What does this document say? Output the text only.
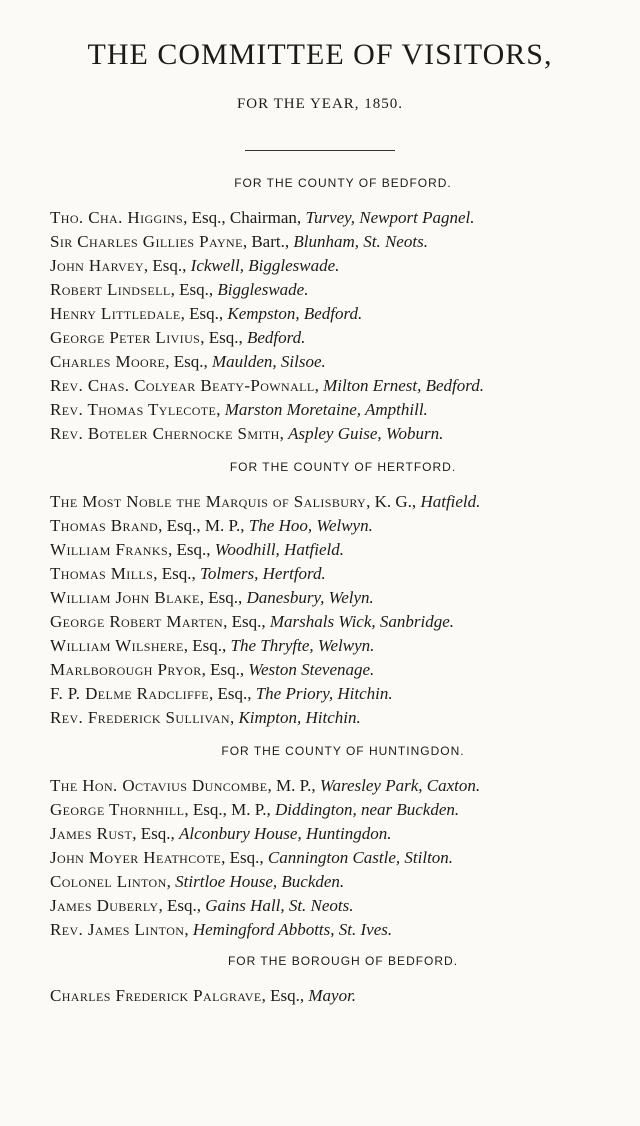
THE COMMITTEE OF VISITORS,
FOR THE YEAR, 1850.
FOR THE COUNTY OF BEDFORD.
Tho. Cha. Higgins, Esq., Chairman, Turvey, Newport Pagnel.
Sir Charles Gillies Payne, Bart., Blunham, St. Neots.
John Harvey, Esq., Ickwell, Biggleswade.
Robert Lindsell, Esq., Biggleswade.
Henry Littledale, Esq., Kempston, Bedford.
George Peter Livius, Esq., Bedford.
Charles Moore, Esq., Maulden, Silsoe.
Rev. Chas. Colyear Beaty-Pownall, Milton Ernest, Bedford.
Rev. Thomas Tylecote, Marston Moretaine, Ampthill.
Rev. Boteler Chernocke Smith, Aspley Guise, Woburn.
FOR THE COUNTY OF HERTFORD.
The Most Noble the Marquis of Salisbury, K. G., Hatfield.
Thomas Brand, Esq., M. P., The Hoo, Welwyn.
William Franks, Esq., Woodhill, Hatfield.
Thomas Mills, Esq., Tolmers, Hertford.
William John Blake, Esq., Danesbury, Welyn.
George Robert Marten, Esq., Marshals Wick, Sanbridge.
William Wilshere, Esq., The Thryfte, Welwyn.
Marlborough Pryor, Esq., Weston Stevenage.
F. P. Delme Radcliffe, Esq., The Priory, Hitchin.
Rev. Frederick Sullivan, Kimpton, Hitchin.
FOR THE COUNTY OF HUNTINGDON.
The Hon. Octavius Duncombe, M. P., Waresley Park, Caxton.
George Thornhill, Esq., M. P., Diddington, near Buckden.
James Rust, Esq., Alconbury House, Huntingdon.
John Moyer Heathcote, Esq., Cannington Castle, Stilton.
Colonel Linton, Stirtloe House, Buckden.
James Duberly, Esq., Gains Hall, St. Neots.
Rev. James Linton, Hemingford Abbotts, St. Ives.
FOR THE BOROUGH OF BEDFORD.
Charles Frederick Palgrave, Esq., Mayor.
